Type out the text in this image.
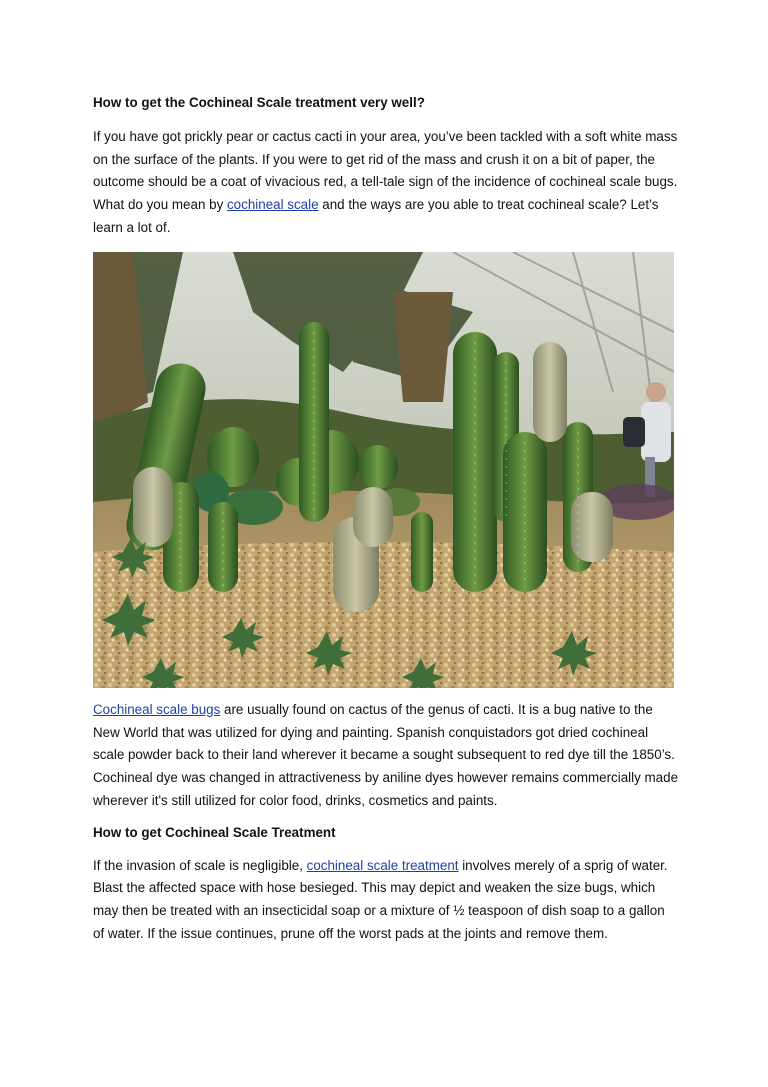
How to get the Cochineal Scale treatment very well?

If you have got prickly pear or cactus cacti in your area, you’ve been tackled with a soft white mass on the surface of the plants. If you were to get rid of the mass and crush it on a bit of paper, the outcome should be a coat of vivacious red, a tell-tale sign of the incidence of cochineal scale bugs. What do you mean by cochineal scale and the ways are you able to treat cochineal scale? Let’s learn a lot of.

Cochineal scale bugs are usually found on cactus of the genus of cacti. It is a bug native to the New World that was utilized for dying and painting. Spanish conquistadors got dried cochineal scale powder back to their land wherever it became a sought subsequent to red dye till the 1850’s. Cochineal dye was changed in attractiveness by aniline dyes however remains commercially made wherever it's still utilized for color food, drinks, cosmetics and paints.

How to get Cochineal Scale Treatment

If the invasion of scale is negligible, cochineal scale treatment involves merely of a sprig of water. Blast the affected space with hose besieged. This may depict and weaken the size bugs, which may then be treated with an insecticidal soap or a mixture of ½ teaspoon of dish soap to a gallon of water. If the issue continues, prune off the worst pads at the joints and remove them.
